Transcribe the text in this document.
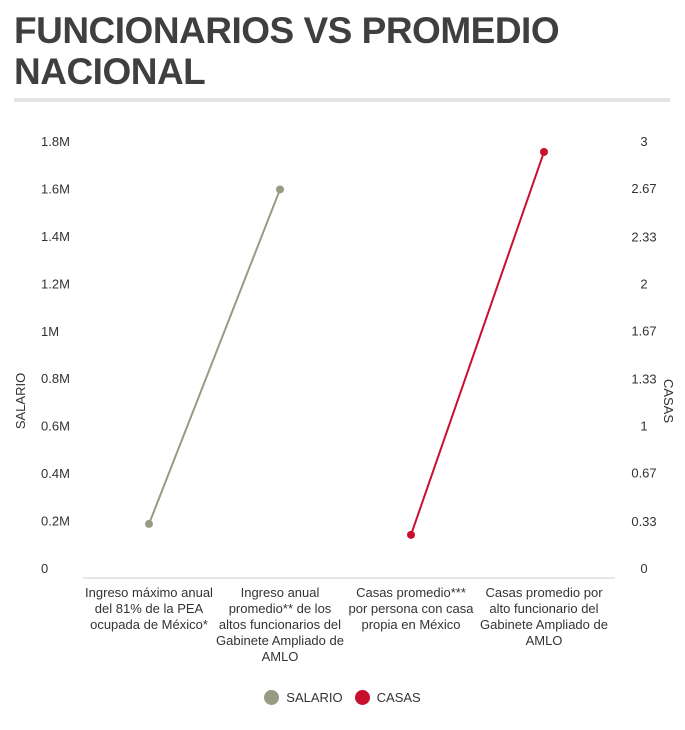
FUNCIONARIOS VS PROMEDIO NACIONAL
0
0.2M
0.4M
0.6M
0.8M
1M
1.2M
1.4M
1.6M
1.8M
0
0.33
0.67
1
1.33
1.67
2
2.33
2.67
3
SALARIO	CASAS
Ingreso máximo anual del 81% de la PEA ocupada de México*
Ingreso anual promedio** de los altos funcionarios del Gabinete Ampliado de AMLO
Casas promedio*** por persona con casa propia en México
Casas promedio por alto funcionario del Gabinete Ampliado de AMLO
SALARIO	CASAS
